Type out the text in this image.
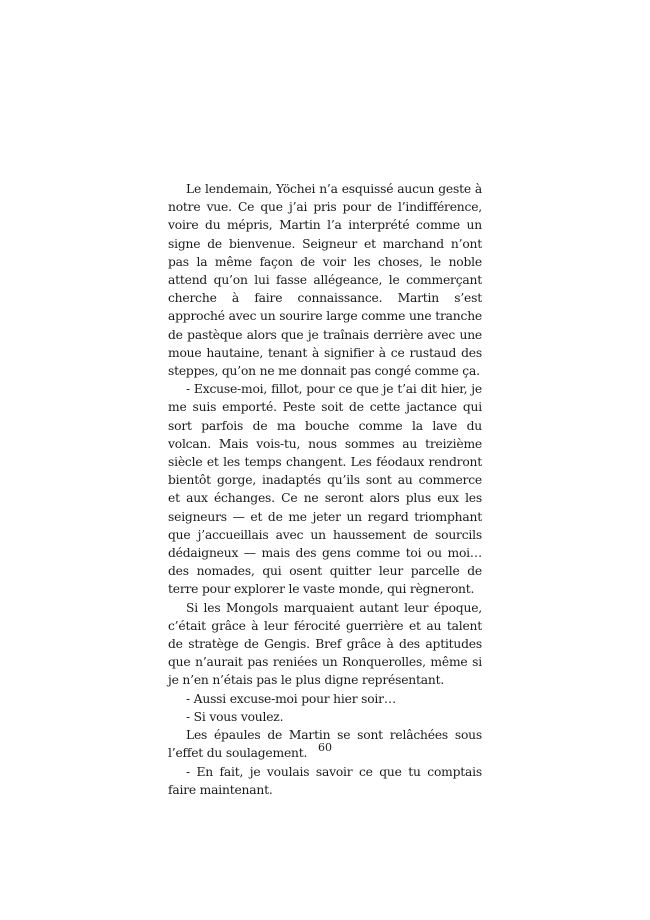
Le lendemain, Yöchei n’a esquissé aucun geste à notre vue. Ce que j’ai pris pour de l’indifférence, voire du mépris, Martin l’a interprété comme un signe de bienvenue. Seigneur et marchand n’ont pas la même façon de voir les choses, le noble attend qu’on lui fasse allégeance, le commerçant cherche à faire connaissance. Martin s’est approché avec un sourire large comme une tranche de pastèque alors que je traînais derrière avec une moue hautaine, tenant à signifier à ce rustaud des steppes, qu’on ne me donnait pas congé comme ça.

- Excuse-moi, fillot, pour ce que je t’ai dit hier, je me suis emporté. Peste soit de cette jactance qui sort parfois de ma bouche comme la lave du volcan. Mais vois-tu, nous sommes au treizième siècle et les temps changent. Les féodaux rendront bientôt gorge, inadaptés qu’ils sont au commerce et aux échanges. Ce ne seront alors plus eux les seigneurs — et de me jeter un regard triomphant que j’accueillais avec un haussement de sourcils dédaigneux — mais des gens comme toi ou moi… des nomades, qui osent quitter leur parcelle de terre pour explorer le vaste monde, qui règneront.

Si les Mongols marquaient autant leur époque, c’était grâce à leur férocité guerrière et au talent de stratège de Gengis. Bref grâce à des aptitudes que n’aurait pas reniées un Ronquerolles, même si je n’en n’étais pas le plus digne représentant.

- Aussi excuse-moi pour hier soir…

- Si vous voulez.

Les épaules de Martin se sont relâchées sous l’effet du soulagement.

- En fait, je voulais savoir ce que tu comptais faire maintenant.

60
